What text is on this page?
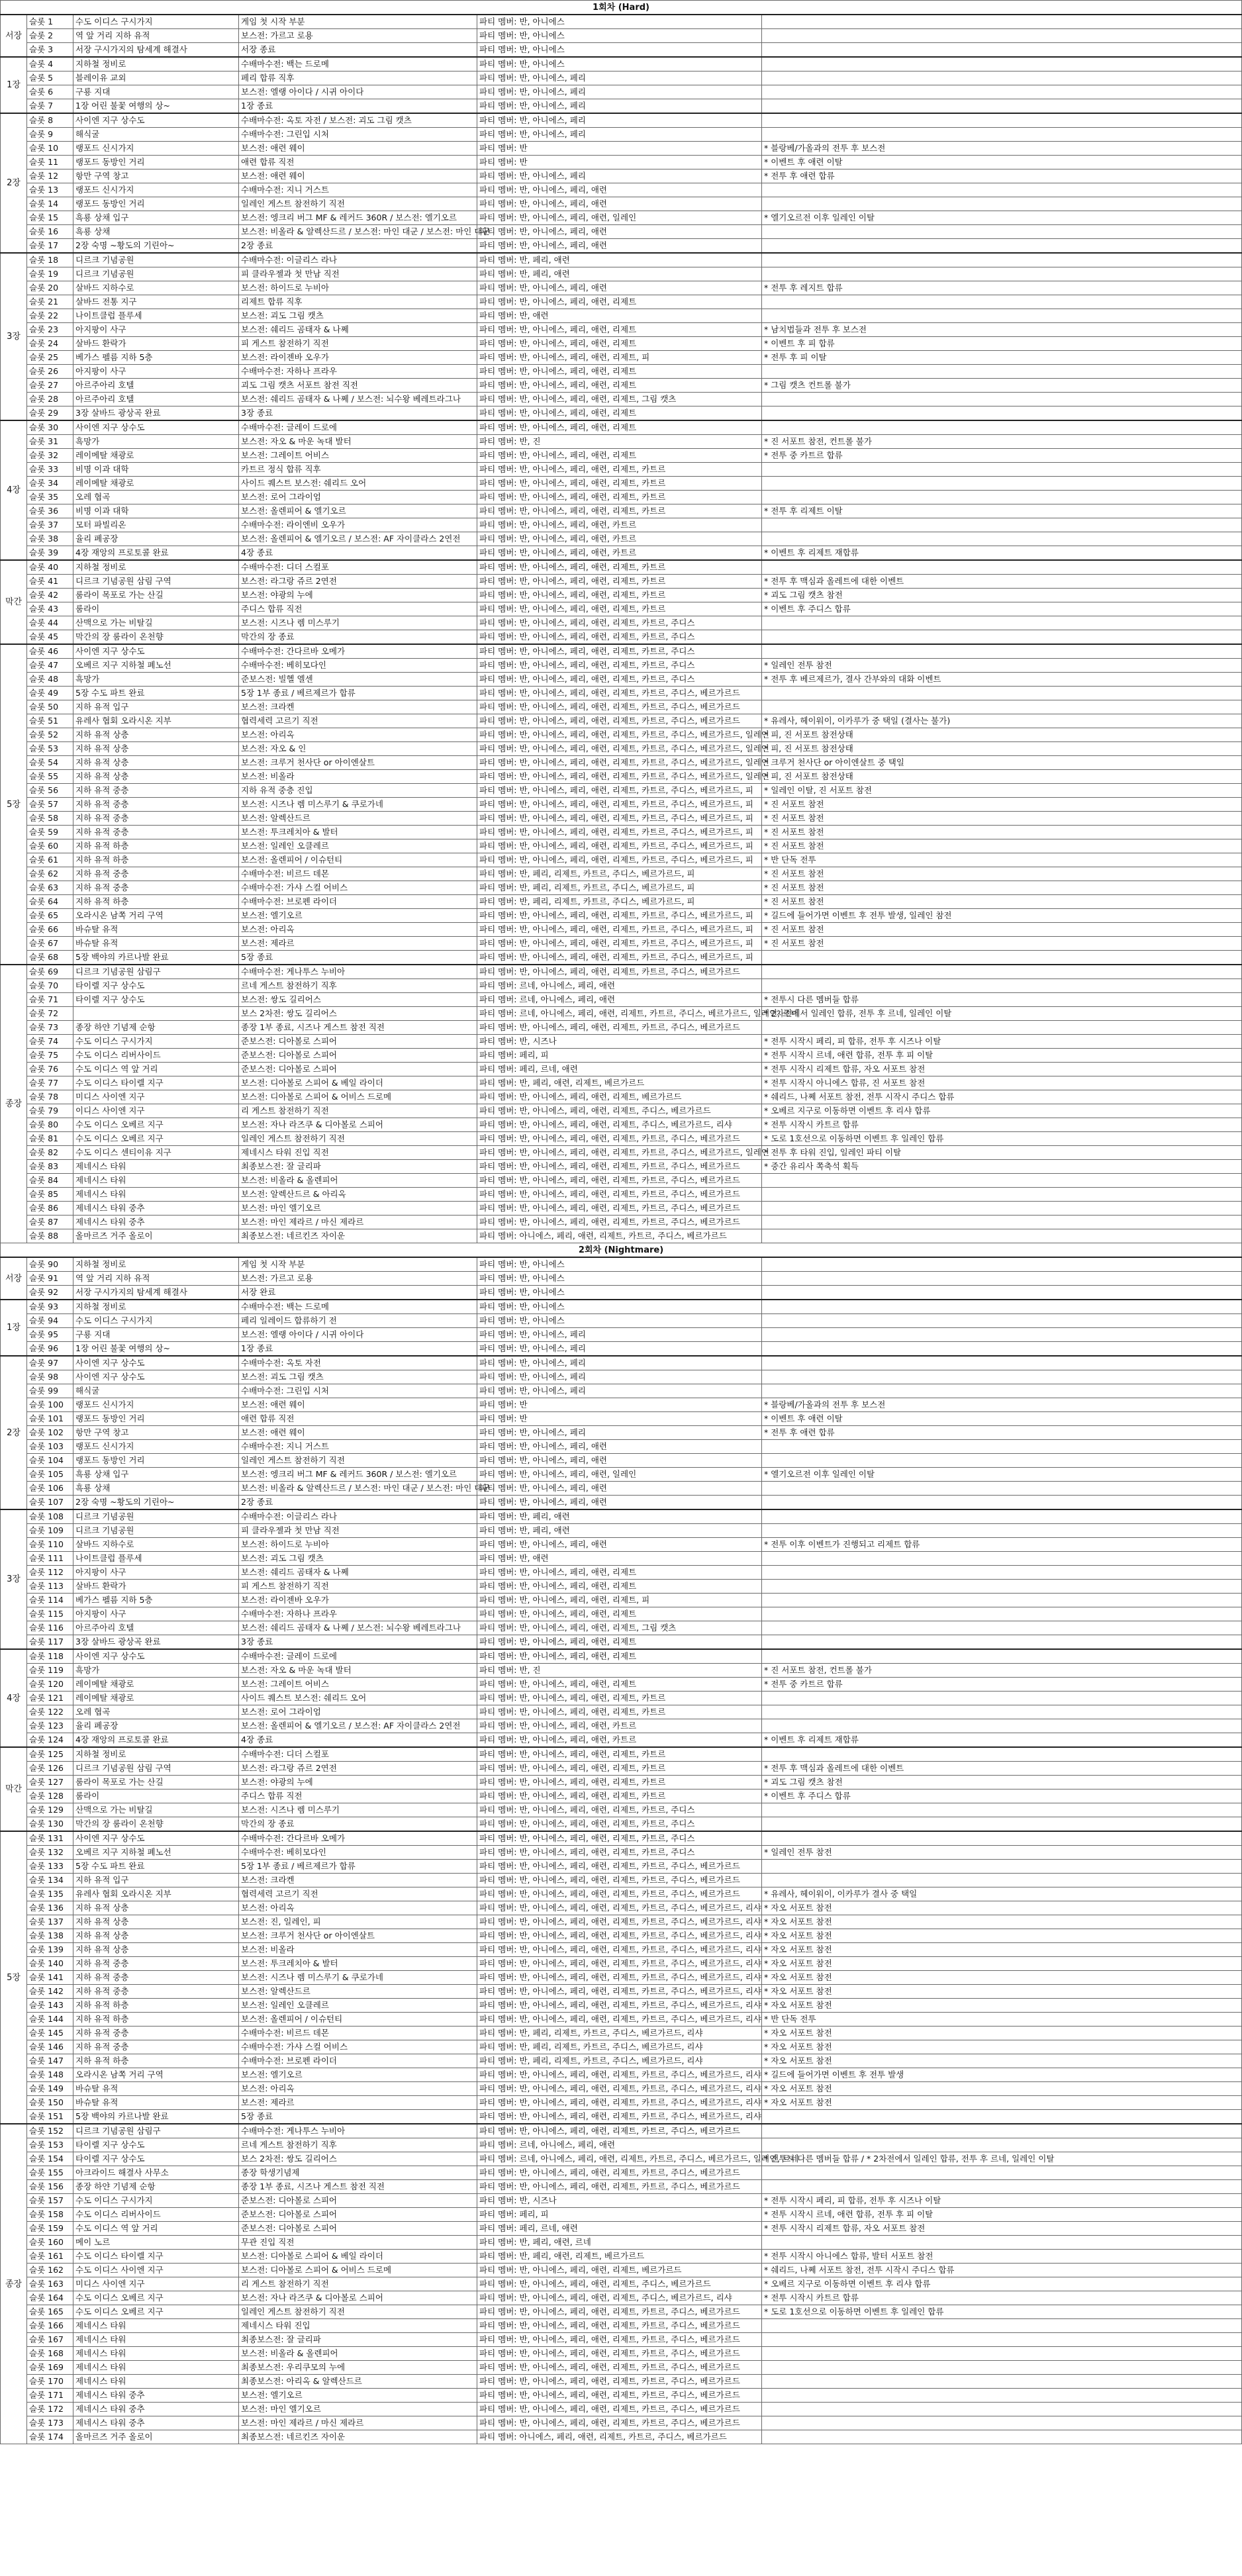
1회차 (Hard)					
서장	슬롯 1	수도 이디스 구시가지	게임 첫 시작 부분	파티 멤버: 반, 아니에스	
	슬롯 2	역 앞 거리 지하 유적	보스전: 가르고 로용	파티 멤버: 반, 아니에스	
	슬롯 3	서장 구시가지의 탐세계 해결사	서장 종료	파티 멤버: 반, 아니에스	
1장	슬롯 4	지하철 정비로	수배마수전: 백는 드로메	파티 멤버: 반, 아니에스	
	슬롯 5	블레이유 교외	페리 합류 직후	파티 멤버: 반, 아니에스, 페리	
	슬롯 6	구룡 지대	보스전: 엘랭 아이다 / 시귀 아이다	파티 멤버: 반, 아니에스, 페리	
	슬롯 7	1장 어린 불꽃 여행의 상~	1장 종료	파티 멤버: 반, 아니에스, 페리	
2장	슬롯 8	사이엔 지구 상수도	수배마수전: 옥토 자전 / 보스전: 괴도 그림 캣츠	파티 멤버: 반, 아니에스, 페리	
	슬롯 9	해식굴	수배마수전: 그린입 시처	파티 멤버: 반, 아니에스, 페리	
	슬롯 10	랭포드 신시가지	보스전: 애련 웨이	파티 멤버: 반	* 블랑베/가올과의 전투 후 보스전
	슬롯 11	랭포드 동방인 거리	애련 합류 직전	파티 멤버: 반	* 이벤트 후 애련 이탈
	슬롯 12	항만 구역 창고	보스전: 애련 웨이	파티 멤버: 반, 아니에스, 페리	* 전투 후 애련 합류
	슬롯 13	랭포드 신시가지	수배마수전: 지니 거스트	파티 멤버: 반, 아니에스, 페리, 애련	
	슬롯 14	랭포드 동방인 거리	일레인 게스트 참전하기 직전	파티 멤버: 반, 아니에스, 페리, 애련	
	슬롯 15	흑룡 상채 입구	보스전: 엥크리 버그 MF & 레커드 360R / 보스전: 엘기오르	파티 멤버: 반, 아니에스, 페리, 애련, 일레인	* 엘기오르전 이후 일레인 이탈
	슬롯 16	흑룡 상채	보스전: 비올라 & 알렉산드르 / 보스전: 마인 대군 / 보스전: 마인 대군	파티 멤버: 반, 아니에스, 페리, 애련	
	슬롯 17	2장 숙명 ~황도의 기린아~	2장 종료	파티 멤버: 반, 아니에스, 페리, 애련	
3장	슬롯 18	디르크 기념공원	수배마수전: 이글리스 라나	파티 멤버: 반, 페리, 애련	
	슬롯 19	디르크 기념공원	피 클라우젤과 첫 만남 직전	파티 멤버: 반, 페리, 애련	
	슬롯 20	살바드 지하수로	보스전: 하이드로 누비아	파티 멤버: 반, 아니에스, 페리, 애련	* 전투 후 레지트 합류
	슬롯 21	살바드 전통 지구	리제트 합류 직후	파티 멤버: 반, 아니에스, 페리, 애련, 리제트	
	슬롯 22	나이트클럽 플루세	보스전: 괴도 그림 캣츠	파티 멤버: 반, 애련	
	슬롯 23	아지팡이 사구	보스전: 쉐리드 곰태자 & 나쩨	파티 멤버: 반, 아니에스, 페리, 애련, 리제트	* 남치법들과 전투 후 보스전
	슬롯 24	살바드 환락가	피 게스트 참전하기 직전	파티 멤버: 반, 아니에스, 페리, 애련, 리제트	* 이벤트 후 피 합류
	슬롯 25	베가스 펠름 지하 5층	보스전: 라이젠바 오우가	파티 멤버: 반, 아니에스, 페리, 애련, 리제트, 피	* 전투 후 피 이탈
	슬롯 26	아지팡이 사구	수배마수전: 자하나 프라우	파티 멤버: 반, 아니에스, 페리, 애련, 리제트	
	슬롯 27	아르주아리 호텔	괴도 그림 캣츠 서포트 참전 직전	파티 멤버: 반, 아니에스, 페리, 애련, 리제트	* 그림 캣츠 컨트롤 불가
	슬롯 28	아르주아리 호텔	보스전: 쉐리드 곰태자 & 나쩨 / 보스전: 뇌수왕 베레트라그나	파티 멤버: 반, 아니에스, 페리, 애련, 리제트, 그림 캣츠	
	슬롯 29	3장 살바드 광상곡 완료	3장 종료	파티 멤버: 반, 아니에스, 페리, 애련, 리제트	
4장	슬롯 30	사이엔 지구 상수도	수배마수전: 글레이 드로에	파티 멤버: 반, 아니에스, 페리, 애련, 리제트	
	슬롯 31	흑망가	보스전: 자오 & 마운 녹대 발터	파티 멤버: 반, 진	* 진 서포트 참전, 컨트롤 불가
	슬롯 32	레이메탈 채광로	보스전: 그레이트 어비스	파티 멤버: 반, 아니에스, 페리, 애련, 리제트	* 전투 중 카트르 합류
	슬롯 33	비명 이과 대학	카트르 정식 합류 직후	파티 멤버: 반, 아니에스, 페리, 애련, 리제트, 카트르	
	슬롯 34	레이메탈 채광로	사이드 퀘스트 보스전: 쉐리드 오어	파티 멤버: 반, 아니에스, 페리, 애련, 리제트, 카트르	
	슬롯 35	오레 협곡	보스전: 로어 그라이엄	파티 멤버: 반, 아니에스, 페리, 애련, 리제트, 카트르	
	슬롯 36	비명 이과 대학	보스전: 올렌피어 & 엘기오르	파티 멤버: 반, 아니에스, 페리, 애련, 리제트, 카트르	* 전투 후 리제트 이탈
	슬롯 37	모터 파빌리온	수배마수전: 라이엔비 오우가	파티 멤버: 반, 아니에스, 페리, 애련, 카트르	
	슬롯 38	율리 폐공장	보스전: 올렌피어 & 엘기오르 / 보스전: AF 자이클라스 2연전	파티 멤버: 반, 아니에스, 페리, 애련, 카트르	
	슬롯 39	4장 재앙의 프로토콜 완료	4장 종료	파티 멤버: 반, 아니에스, 페리, 애련, 카트르	* 이벤트 후 리제트 재합류
막간	슬롯 40	지하철 정비로	수배마수전: 디더 스컬포	파티 멤버: 반, 아니에스, 페리, 애련, 리제트, 카트르	
	슬롯 41	디르크 기념공원 삼림 구역	보스전: 라그랑 쥬르 2연전	파티 멤버: 반, 아니에스, 페리, 애련, 리제트, 카트르	* 전투 후 맥심과 올레트에 대한 이벤트
	슬롯 42	룸라이 목포로 가는 산길	보스전: 야광의 누에	파티 멤버: 반, 아니에스, 페리, 애련, 리제트, 카트르	* 괴도 그림 캣츠 참전
	슬롯 43	룸라이	주디스 합류 직전	파티 멤버: 반, 아니에스, 페리, 애련, 리제트, 카트르	* 이벤트 후 주디스 합류
	슬롯 44	산맥으로 가는 비탈길	보스전: 시즈나 렘 미스루기	파티 멤버: 반, 아니에스, 페리, 애련, 리제트, 카트르, 주디스	
	슬롯 45	막간의 장 룸라이 온천향	막간의 장 종료	파티 멤버: 반, 아니에스, 페리, 애련, 리제트, 카트르, 주디스	
5장	슬롯 46	사이엔 지구 상수도	수배마수전: 간다르바 오메가	파티 멤버: 반, 아니에스, 페리, 애련, 리제트, 카트르, 주디스	
	슬롯 47	오베르 지구 지하철 폐노선	수배마수전: 베히모다인	파티 멤버: 반, 아니에스, 페리, 애련, 리제트, 카트르, 주디스	* 일레인 전투 참전
	슬롯 48	흑망가	준보스전: 빌헬 엘센	파티 멤버: 반, 아니에스, 페리, 애련, 리제트, 카트르, 주디스	* 전투 후 베르제르가, 결사 간부와의 대화 이벤트
	슬롯 49	5장 수도 파트 완료	5장 1부 종료 / 베르제르가 합류	파티 멤버: 반, 아니에스, 페리, 애련, 리제트, 카트르, 주디스, 베르가르드	
	슬롯 50	지하 유적 입구	보스전: 크라켄	파티 멤버: 반, 아니에스, 페리, 애련, 리제트, 카트르, 주디스, 베르가르드	
	슬롯 51	유레사 협회 오라시온 지부	협력세력 고르기 직전	파티 멤버: 반, 아니에스, 페리, 애련, 리제트, 카트르, 주디스, 베르가르드	* 유레사, 헤이워이, 이카루가 중 택일 (결사는 불가)
	슬롯 52	지하 유적 상층	보스전: 아리옥	파티 멤버: 반, 아니에스, 페리, 애련, 리제트, 카트르, 주디스, 베르가르드, 일레인	* 피, 진 서포트 참전상태
	슬롯 53	지하 유적 상층	보스전: 자오 & 인	파티 멤버: 반, 아니에스, 페리, 애련, 리제트, 카트르, 주디스, 베르가르드, 일레인	* 피, 진 서포트 참전상태
	슬롯 54	지하 유적 상층	보스전: 크루거 천사단 or 아이엔살트	파티 멤버: 반, 아니에스, 페리, 애련, 리제트, 카트르, 주디스, 베르가르드, 일레인	* 크루거 천사단 or 아이엔살트 중 택일
	슬롯 55	지하 유적 상층	보스전: 비올라	파티 멤버: 반, 아니에스, 페리, 애련, 리제트, 카트르, 주디스, 베르가르드, 일레인	* 피, 진 서포트 참전상태
	슬롯 56	지하 유적 중층	지하 유적 중층 진입	파티 멤버: 반, 아니에스, 페리, 애련, 리제트, 카트르, 주디스, 베르가르드, 피	* 일레인 이탈, 진 서포트 참전
	슬롯 57	지하 유적 중층	보스전: 시즈나 렘 미스루기 & 쿠로가네	파티 멤버: 반, 아니에스, 페리, 애련, 리제트, 카트르, 주디스, 베르가르드, 피	* 진 서포트 참전
	슬롯 58	지하 유적 중층	보스전: 알렉산드르	파티 멤버: 반, 아니에스, 페리, 애련, 리제트, 카트르, 주디스, 베르가르드, 피	* 진 서포트 참전
	슬롯 59	지하 유적 중층	보스전: 투크레치아 & 발터	파티 멤버: 반, 아니에스, 페리, 애련, 리제트, 카트르, 주디스, 베르가르드, 피	* 진 서포트 참전
	슬롯 60	지하 유적 하층	보스전: 일레인 오클레르	파티 멤버: 반, 아니에스, 페리, 애련, 리제트, 카트르, 주디스, 베르가르드, 피	* 진 서포트 참전
	슬롯 61	지하 유적 하층	보스전: 올렌피어 / 이슈턴티	파티 멤버: 반, 아니에스, 페리, 애련, 리제트, 카트르, 주디스, 베르가르드, 피	* 반 단독 전투
	슬롯 62	지하 유적 중층	수배마수전: 비르드 데몬	파티 멤버: 반, 페리, 리제트, 카트르, 주디스, 베르가르드, 피	* 진 서포트 참전
	슬롯 63	지하 유적 중층	수배마수전: 가샤 스컬 어비스	파티 멤버: 반, 페리, 리제트, 카트르, 주디스, 베르가르드, 피	* 진 서포트 참전
	슬롯 64	지하 유적 하층	수배마수전: 브로펜 라이더	파티 멤버: 반, 페리, 리제트, 카트르, 주디스, 베르가르드, 피	* 진 서포트 참전
	슬롯 65	오라시온 남쪽 거리 구역	보스전: 엘기오르	파티 멤버: 반, 아니에스, 페리, 애련, 리제트, 카트르, 주디스, 베르가르드, 피	* 길드에 들어가면 이벤트 후 전투 발생, 일레인 참전
	슬롯 66	바슈탈 유적	보스전: 아리옥	파티 멤버: 반, 아니에스, 페리, 애련, 리제트, 카트르, 주디스, 베르가르드, 피	* 진 서포트 참전
	슬롯 67	바슈탈 유적	보스전: 제라르	파티 멤버: 반, 아니에스, 페리, 애련, 리제트, 카트르, 주디스, 베르가르드, 피	* 진 서포트 참전
	슬롯 68	5장 백야의 카르나발 완료	5장 종료	파티 멤버: 반, 아니에스, 페리, 애련, 리제트, 카트르, 주디스, 베르가르드, 피	
종장	슬롯 69	디르크 기념공원 삼림구	수배마수전: 게나투스 누비아	파티 멤버: 반, 아니에스, 페리, 애련, 리제트, 카트르, 주디스, 베르가르드	
	슬롯 70	타이렐 지구 상수도	르네 게스트 참전하기 직후	파티 멤버: 르네, 아니에스, 페리, 애련	
	슬롯 71	타이렐 지구 상수도	보스전: 쌍도 길리어스	파티 멤버: 르네, 아니에스, 페리, 애련	* 전투시 다른 멤버들 합류
	슬롯 72		보스 2차전: 쌍도 길리어스	파티 멤버: 르네, 아니에스, 페리, 애련, 리제트, 카트르, 주디스, 베르가르드, 일레인, 르네	* 2차전에서 일레인 합류, 전투 후 르네, 일레인 이탈
	슬롯 73	종장 하얀 기념제 순항	종장 1부 종료, 시즈나 게스트 참전 직전	파티 멤버: 반, 아니에스, 페리, 애련, 리제트, 카트르, 주디스, 베르가르드	
	슬롯 74	수도 이디스 구시가지	준보스전: 디아볼로 스피어	파티 멤버: 반, 시즈나	* 전투 시작시 페리, 피 합류, 전투 후 시즈나 이탈
	슬롯 75	수도 이디스 리버사이드	준보스전: 디아볼로 스피어	파티 멤버: 페리, 피	* 전투 시작시 르네, 애련 합류, 전투 후 피 이탈
	슬롯 76	수도 이디스 역 앞 거리	준보스전: 디아볼로 스피어	파티 멤버: 페리, 르네, 애련	* 전투 시작시 리제트 합류, 자오 서포트 참전
	슬롯 77	수도 이디스 타이렐 지구	보스전: 디아볼로 스피어 & 베일 라이더	파티 멤버: 반, 페리, 애련, 리제트, 베르가르드	* 전투 시작시 아니에스 합류, 진 서포트 참전
	슬롯 78	미디스 사이엔 지구	보스전: 디아볼로 스피어 & 어비스 드로메	파티 멤버: 반, 아니에스, 페리, 애련, 리제트, 베르가르드	* 쉐리드, 나쩨 서포트 참전, 전투 시작시 주디스 합류
	슬롯 79	이디스 사이엔 지구	리 게스트 참전하기 직전	파티 멤버: 반, 아니에스, 페리, 애련, 리제트, 주디스, 베르가르드	* 오베르 지구로 이동하면 이벤트 후 리샤 합류
	슬롯 80	수도 이디스 오베르 지구	보스전: 자나 라즈쿠 & 디아볼로 스피어	파티 멤버: 반, 아니에스, 페리, 애련, 리제트, 주디스, 베르가르드, 리샤	* 전투 시작시 카트르 합류
	슬롯 81	수도 이디스 오베르 지구	일레인 게스트 참전하기 직전	파티 멤버: 반, 아니에스, 페리, 애련, 리제트, 카트르, 주디스, 베르가르드	* 도로 1호선으로 이동하면 이벤트 후 일레인 합류
	슬롯 82	수도 이디스 센티이유 지구	제네시스 타워 진입 직전	파티 멤버: 반, 아니에스, 페리, 애련, 리제트, 카트르, 주디스, 베르가르드, 일레인	* 전투 후 타워 진입, 일레인 파티 이탈
	슬롯 83	제네시스 타워	최종보스전: 잘 글리파	파티 멤버: 반, 아니에스, 페리, 애련, 리제트, 카트르, 주디스, 베르가르드	* 중간 유리사 쪽축석 획득
	슬롯 84	제네시스 타워	보스전: 비올라 & 올렌피어	파티 멤버: 반, 아니에스, 페리, 애련, 리제트, 카트르, 주디스, 베르가르드	
	슬롯 85	제네시스 타워	보스전: 알렉산드르 & 아리옥	파티 멤버: 반, 아니에스, 페리, 애련, 리제트, 카트르, 주디스, 베르가르드	
	슬롯 86	제네시스 타워 중추	보스전: 마인 엘기오르	파티 멤버: 반, 아니에스, 페리, 애련, 리제트, 카트르, 주디스, 베르가르드	
	슬롯 87	제네시스 타워 중추	보스전: 마인 제라르 / 마신 제라르	파티 멤버: 반, 아니에스, 페리, 애련, 리제트, 카트르, 주디스, 베르가르드	
	슬롯 88	올마르즈 거주 올로이	최종보스전: 네르킨즈 자이운	파티 멤버: 아니에스, 페리, 애련, 리제트, 카트르, 주디스, 베르가르드	
2회차 (Nightmare)					
서장	슬롯 90	지하철 정비로	게임 첫 시작 부분	파티 멤버: 반, 아니에스	
	슬롯 91	역 앞 거리 지하 유적	보스전: 가르고 로용	파티 멤버: 반, 아니에스	
	슬롯 92	서장 구시가지의 탐세계 해결사	서장 완료	파티 멤버: 반, 아니에스	
1장	슬롯 93	지하철 정비로	수배마수전: 백는 드로메	파티 멤버: 반, 아니에스	
	슬롯 94	수도 이디스 구시가지	페리 일레이드 합류하기 전	파티 멤버: 반, 아니에스	
	슬롯 95	구룡 지대	보스전: 엘랭 아이다 / 시귀 아이다	파티 멤버: 반, 아니에스, 페리	
	슬롯 96	1장 어린 불꽃 여행의 상~	1장 종료	파티 멤버: 반, 아니에스, 페리	
2장	슬롯 97	사이엔 지구 상수도	수배마수전: 옥토 자전	파티 멤버: 반, 아니에스, 페리	
	슬롯 98	사이엔 지구 상수도	보스전: 괴도 그림 캣츠	파티 멤버: 반, 아니에스, 페리	
	슬롯 99	해식굴	수배마수전: 그린입 시처	파티 멤버: 반, 아니에스, 페리	
	슬롯 100	랭포드 신시가지	보스전: 애련 웨이	파티 멤버: 반	* 블랑베/가올과의 전투 후 보스전
	슬롯 101	랭포드 동방인 거리	애련 합류 직전	파티 멤버: 반	* 이벤트 후 애련 이탈
	슬롯 102	항만 구역 창고	보스전: 애련 웨이	파티 멤버: 반, 아니에스, 페리	* 전투 후 애련 합류
	슬롯 103	랭포드 신시가지	수배마수전: 지니 거스트	파티 멤버: 반, 아니에스, 페리, 애련	
	슬롯 104	랭포드 동방인 거리	일레인 게스트 참전하기 직전	파티 멤버: 반, 아니에스, 페리, 애련	
	슬롯 105	흑룡 상채 입구	보스전: 엥크리 버그 MF & 레커드 360R / 보스전: 엘기오르	파티 멤버: 반, 아니에스, 페리, 애련, 일레인	* 엘기오르전 이후 일레인 이탈
	슬롯 106	흑룡 상채	보스전: 비올라 & 알렉산드르 / 보스전: 마인 대군 / 보스전: 마인 대군	파티 멤버: 반, 아니에스, 페리, 애련	
	슬롯 107	2장 숙명 ~황도의 기린아~	2장 종료	파티 멤버: 반, 아니에스, 페리, 애련	
3장	슬롯 108	디르크 기념공원	수배마수전: 이글리스 라나	파티 멤버: 반, 페리, 애련	
	슬롯 109	디르크 기념공원	피 클라우젤과 첫 만남 직전	파티 멤버: 반, 페리, 애련	
	슬롯 110	살바드 지하수로	보스전: 하이드로 누비아	파티 멤버: 반, 아니에스, 페리, 애련	* 전투 이후 이벤트가 진행되고 리제트 합류
	슬롯 111	나이트클럽 플루세	보스전: 괴도 그림 캣츠	파티 멤버: 반, 애련	
	슬롯 112	아지팡이 사구	보스전: 쉐리드 곰태자 & 나쩨	파티 멤버: 반, 아니에스, 페리, 애련, 리제트	
	슬롯 113	살바드 환락가	피 게스트 참전하기 직전	파티 멤버: 반, 아니에스, 페리, 애련, 리제트	
	슬롯 114	베가스 펠름 지하 5층	보스전: 라이젠바 오우가	파티 멤버: 반, 아니에스, 페리, 애련, 리제트, 피	
	슬롯 115	아지팡이 사구	수배마수전: 자하나 프라우	파티 멤버: 반, 아니에스, 페리, 애련, 리제트	
	슬롯 116	아르주아리 호텔	보스전: 쉐리드 곰태자 & 나쩨 / 보스전: 뇌수왕 베레트라그나	파티 멤버: 반, 아니에스, 페리, 애련, 리제트, 그림 캣츠	
	슬롯 117	3장 살바드 광상곡 완료	3장 종료	파티 멤버: 반, 아니에스, 페리, 애련, 리제트	
4장	슬롯 118	사이엔 지구 상수도	수배마수전: 글레이 드로에	파티 멤버: 반, 아니에스, 페리, 애련, 리제트	
	슬롯 119	흑망가	보스전: 자오 & 마운 녹대 발터	파티 멤버: 반, 진	* 진 서포트 참전, 컨트롤 불가
	슬롯 120	레이메탈 채광로	보스전: 그레이트 어비스	파티 멤버: 반, 아니에스, 페리, 애련, 리제트	* 전투 중 카트르 합류
	슬롯 121	레이메탈 채광로	사이드 퀘스트 보스전: 쉐리드 오어	파티 멤버: 반, 아니에스, 페리, 애련, 리제트, 카트르	
	슬롯 122	오레 협곡	보스전: 로어 그라이엄	파티 멤버: 반, 아니에스, 페리, 애련, 리제트, 카트르	
	슬롯 123	율리 폐공장	보스전: 올렌피어 & 엘기오르 / 보스전: AF 자이클라스 2연전	파티 멤버: 반, 아니에스, 페리, 애련, 카트르	
	슬롯 124	4장 재앙의 프로토콜 완료	4장 종료	파티 멤버: 반, 아니에스, 페리, 애련, 카트르	* 이벤트 후 리제트 재합류
막간	슬롯 125	지하철 정비로	수배마수전: 디더 스컬포	파티 멤버: 반, 아니에스, 페리, 애련, 리제트, 카트르	
	슬롯 126	디르크 기념공원 삼림 구역	보스전: 라그랑 쥬르 2연전	파티 멤버: 반, 아니에스, 페리, 애련, 리제트, 카트르	* 전투 후 맥심과 올레트에 대한 이벤트
	슬롯 127	룸라이 목포로 가는 산길	보스전: 야광의 누에	파티 멤버: 반, 아니에스, 페리, 애련, 리제트, 카트르	* 괴도 그림 캣츠 참전
	슬롯 128	룸라이	주디스 합류 직전	파티 멤버: 반, 아니에스, 페리, 애련, 리제트, 카트르	* 이벤트 후 주디스 합류
	슬롯 129	산맥으로 가는 비탈길	보스전: 시즈나 렘 미스루기	파티 멤버: 반, 아니에스, 페리, 애련, 리제트, 카트르, 주디스	
	슬롯 130	막간의 장 룸라이 온천향	막간의 장 종료	파티 멤버: 반, 아니에스, 페리, 애련, 리제트, 카트르, 주디스	
5장	슬롯 131	사이엔 지구 상수도	수배마수전: 간다르바 오메가	파티 멤버: 반, 아니에스, 페리, 애련, 리제트, 카트르, 주디스	
	슬롯 132	오베르 지구 지하철 폐노선	수배마수전: 베히모다인	파티 멤버: 반, 아니에스, 페리, 애련, 리제트, 카트르, 주디스	* 일레인 전투 참전
	슬롯 133	5장 수도 파트 완료	5장 1부 종료 / 베르제르가 합류	파티 멤버: 반, 아니에스, 페리, 애련, 리제트, 카트르, 주디스, 베르가르드	
	슬롯 134	지하 유적 입구	보스전: 크라켄	파티 멤버: 반, 아니에스, 페리, 애련, 리제트, 카트르, 주디스, 베르가르드	
	슬롯 135	유레사 협회 오라시온 지부	협력세력 고르기 직전	파티 멤버: 반, 아니에스, 페리, 애련, 리제트, 카트르, 주디스, 베르가르드	* 유레사, 헤이워이, 이카루가 결사 중 택일
	슬롯 136	지하 유적 상층	보스전: 아리옥	파티 멤버: 반, 아니에스, 페리, 애련, 리제트, 카트르, 주디스, 베르가르드, 리샤	* 자오 서포트 참전
	슬롯 137	지하 유적 상층	보스전: 진, 일레인, 피	파티 멤버: 반, 아니에스, 페리, 애련, 리제트, 카트르, 주디스, 베르가르드, 리샤	* 자오 서포트 참전
	슬롯 138	지하 유적 상층	보스전: 크루거 천사단 or 아이엔살트	파티 멤버: 반, 아니에스, 페리, 애련, 리제트, 카트르, 주디스, 베르가르드, 리샤	* 자오 서포트 참전
	슬롯 139	지하 유적 상층	보스전: 비올라	파티 멤버: 반, 아니에스, 페리, 애련, 리제트, 카트르, 주디스, 베르가르드, 리샤	* 자오 서포트 참전
	슬롯 140	지하 유적 중층	보스전: 투크레치아 & 발터	파티 멤버: 반, 아니에스, 페리, 애련, 리제트, 카트르, 주디스, 베르가르드, 리샤	* 자오 서포트 참전
	슬롯 141	지하 유적 중층	보스전: 시즈나 렘 미스루기 & 쿠로가네	파티 멤버: 반, 아니에스, 페리, 애련, 리제트, 카트르, 주디스, 베르가르드, 리샤	* 자오 서포트 참전
	슬롯 142	지하 유적 중층	보스전: 알렉산드르	파티 멤버: 반, 아니에스, 페리, 애련, 리제트, 카트르, 주디스, 베르가르드, 리샤	* 자오 서포트 참전
	슬롯 143	지하 유적 하층	보스전: 일레인 오클레르	파티 멤버: 반, 아니에스, 페리, 애련, 리제트, 카트르, 주디스, 베르가르드, 리샤	* 자오 서포트 참전
	슬롯 144	지하 유적 하층	보스전: 올렌피어 / 이슈턴티	파티 멤버: 반, 아니에스, 페리, 애련, 리제트, 카트르, 주디스, 베르가르드, 리샤	* 반 단독 전투
	슬롯 145	지하 유적 중층	수배마수전: 비르드 데몬	파티 멤버: 반, 페리, 리제트, 카트르, 주디스, 베르가르드, 리샤	* 자오 서포트 참전
	슬롯 146	지하 유적 중층	수배마수전: 가샤 스컬 어비스	파티 멤버: 반, 페리, 리제트, 카트르, 주디스, 베르가르드, 리샤	* 자오 서포트 참전
	슬롯 147	지하 유적 하층	수배마수전: 브로펜 라이더	파티 멤버: 반, 페리, 리제트, 카트르, 주디스, 베르가르드, 리샤	* 자오 서포트 참전
	슬롯 148	오라시온 남쪽 거리 구역	보스전: 엘기오르	파티 멤버: 반, 아니에스, 페리, 애련, 리제트, 카트르, 주디스, 베르가르드, 리샤	* 길드에 들어가면 이벤트 후 전투 발생
	슬롯 149	바슈탈 유적	보스전: 아리옥	파티 멤버: 반, 아니에스, 페리, 애련, 리제트, 카트르, 주디스, 베르가르드, 리샤	* 자오 서포트 참전
	슬롯 150	바슈탈 유적	보스전: 제라르	파티 멤버: 반, 아니에스, 페리, 애련, 리제트, 카트르, 주디스, 베르가르드, 리샤	* 자오 서포트 참전
	슬롯 151	5장 백야의 카르나발 완료	5장 종료	파티 멤버: 반, 아니에스, 페리, 애련, 리제트, 카트르, 주디스, 베르가르드, 리샤	
종장	슬롯 152	디르크 기념공원 삼림구	수배마수전: 게나투스 누비아	파티 멤버: 반, 아니에스, 페리, 애련, 리제트, 카트르, 주디스, 베르가르드	
	슬롯 153	타이렐 지구 상수도	르네 게스트 참전하기 직후	파티 멤버: 르네, 아니에스, 페리, 애련	
	슬롯 154	타이렐 지구 상수도	보스 2차전: 쌍도 길리어스	파티 멤버: 르네, 아니에스, 페리, 애련, 리제트, 카트르, 주디스, 베르가르드, 일레인, 르네	* 전투시 다른 멤버들 합류 / * 2차전에서 일레인 합류, 전투 후 르네, 일레인 이탈
	슬롯 155	아크라이드 해결사 사무소	종장 학생기념제	파티 멤버: 반, 아니에스, 페리, 애련, 리제트, 카트르, 주디스, 베르가르드	
	슬롯 156	종장 하얀 기념제 순항	종장 1부 종료, 시즈나 게스트 참전 직전	파티 멤버: 반, 아니에스, 페리, 애련, 리제트, 카트르, 주디스, 베르가르드	
	슬롯 157	수도 이디스 구시가지	준보스전: 디아볼로 스피어	파티 멤버: 반, 시즈나	* 전투 시작시 페리, 피 합류, 전투 후 시즈나 이탈
	슬롯 158	수도 이디스 리버사이드	준보스전: 디아볼로 스피어	파티 멤버: 페리, 피	* 전투 시작시 르네, 애련 합류, 전투 후 피 이탈
	슬롯 159	수도 이디스 역 앞 거리	준보스전: 디아볼로 스피어	파티 멤버: 페리, 르네, 애련	* 전투 시작시 리제트 합류, 자오 서포트 참전
	슬롯 160	메이 노르	무관 진입 직전	파티 멤버: 반, 페리, 애련, 르네	
	슬롯 161	수도 이디스 타이렐 지구	보스전: 디아볼로 스피어 & 베일 라이더	파티 멤버: 반, 페리, 애련, 리제트, 베르가르드	* 전투 시작시 아니에스 합류, 발터 서포트 참전
	슬롯 162	수도 이디스 사이엔 지구	보스전: 디아볼로 스피어 & 어비스 드로메	파티 멤버: 반, 아니에스, 페리, 애련, 리제트, 베르가르드	* 쉐리드, 나쩨 서포트 참전, 전투 시작시 주디스 합류
	슬롯 163	미디스 사이엔 지구	리 게스트 참전하기 직전	파티 멤버: 반, 아니에스, 페리, 애련, 리제트, 주디스, 베르가르드	* 오베르 지구로 이동하면 이벤트 후 리샤 합류
	슬롯 164	수도 이디스 오베르 지구	보스전: 자나 라즈쿠 & 디아볼로 스피어	파티 멤버: 반, 아니에스, 페리, 애련, 리제트, 주디스, 베르가르드, 리샤	* 전투 시작시 카트르 합류
	슬롯 165	수도 이디스 오베르 지구	일레인 게스트 참전하기 직전	파티 멤버: 반, 아니에스, 페리, 애련, 리제트, 카트르, 주디스, 베르가르드	* 도로 1호선으로 이동하면 이벤트 후 일레인 합류
	슬롯 166	제네시스 타워	제네시스 타워 진입	파티 멤버: 반, 아니에스, 페리, 애련, 리제트, 카트르, 주디스, 베르가르드	
	슬롯 167	제네시스 타워	최종보스전: 잘 글리파	파티 멤버: 반, 아니에스, 페리, 애련, 리제트, 카트르, 주디스, 베르가르드	
	슬롯 168	제네시스 타워	보스전: 비올라 & 올렌피어	파티 멤버: 반, 아니에스, 페리, 애련, 리제트, 카트르, 주디스, 베르가르드	
	슬롯 169	제네시스 타워	최종보스전: 우리쿠모의 누에	파티 멤버: 반, 아니에스, 페리, 애련, 리제트, 카트르, 주디스, 베르가르드	
	슬롯 170	제네시스 타워	최종보스전: 아리옥 & 알렉산드르	파티 멤버: 반, 아니에스, 페리, 애련, 리제트, 카트르, 주디스, 베르가르드	
	슬롯 171	제네시스 타워 중추	보스전: 엘기오르	파티 멤버: 반, 아니에스, 페리, 애련, 리제트, 카트르, 주디스, 베르가르드	
	슬롯 172	제네시스 타워 중추	보스전: 마인 엘기오르	파티 멤버: 반, 아니에스, 페리, 애련, 리제트, 카트르, 주디스, 베르가르드	
	슬롯 173	제네시스 타워 중추	보스전: 마인 제라르 / 마신 제라르	파티 멤버: 반, 아니에스, 페리, 애련, 리제트, 카트르, 주디스, 베르가르드	
	슬롯 174	올마르즈 거주 올로이	최종보스전: 네르킨즈 자이운	파티 멤버: 아니에스, 페리, 애련, 리제트, 카트르, 주디스, 베르가르드	
